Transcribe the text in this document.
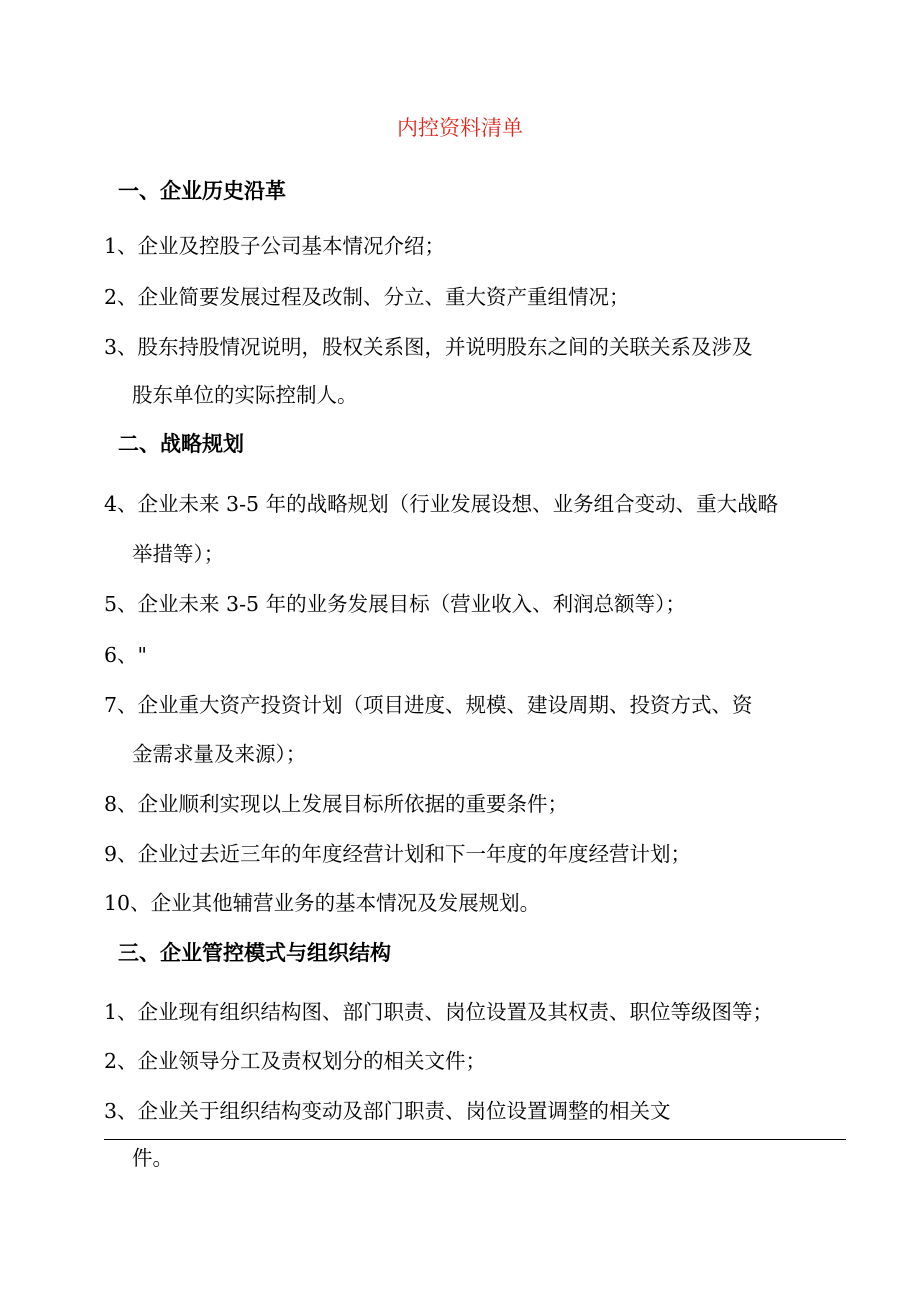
内控资料清单
一、企业历史沿革
1、企业及控股子公司基本情况介绍；
2、企业简要发展过程及改制、分立、重大资产重组情况；
3、股东持股情况说明，股权关系图，并说明股东之间的关联关系及涉及
股东单位的实际控制人。
二、战略规划
4、企业未来 3-5 年的战略规划（行业发展设想、业务组合变动、重大战略
举措等）；
5、企业未来 3-5 年的业务发展目标（营业收入、利润总额等）；
6、"
7、企业重大资产投资计划（项目进度、规模、建设周期、投资方式、资
金需求量及来源）；
8、企业顺利实现以上发展目标所依据的重要条件；
9、企业过去近三年的年度经营计划和下一年度的年度经营计划；
10、企业其他辅营业务的基本情况及发展规划。
三、企业管控模式与组织结构
1、企业现有组织结构图、部门职责、岗位设置及其权责、职位等级图等；
2、企业领导分工及责权划分的相关文件；
3、企业关于组织结构变动及部门职责、岗位设置调整的相关文
件。
